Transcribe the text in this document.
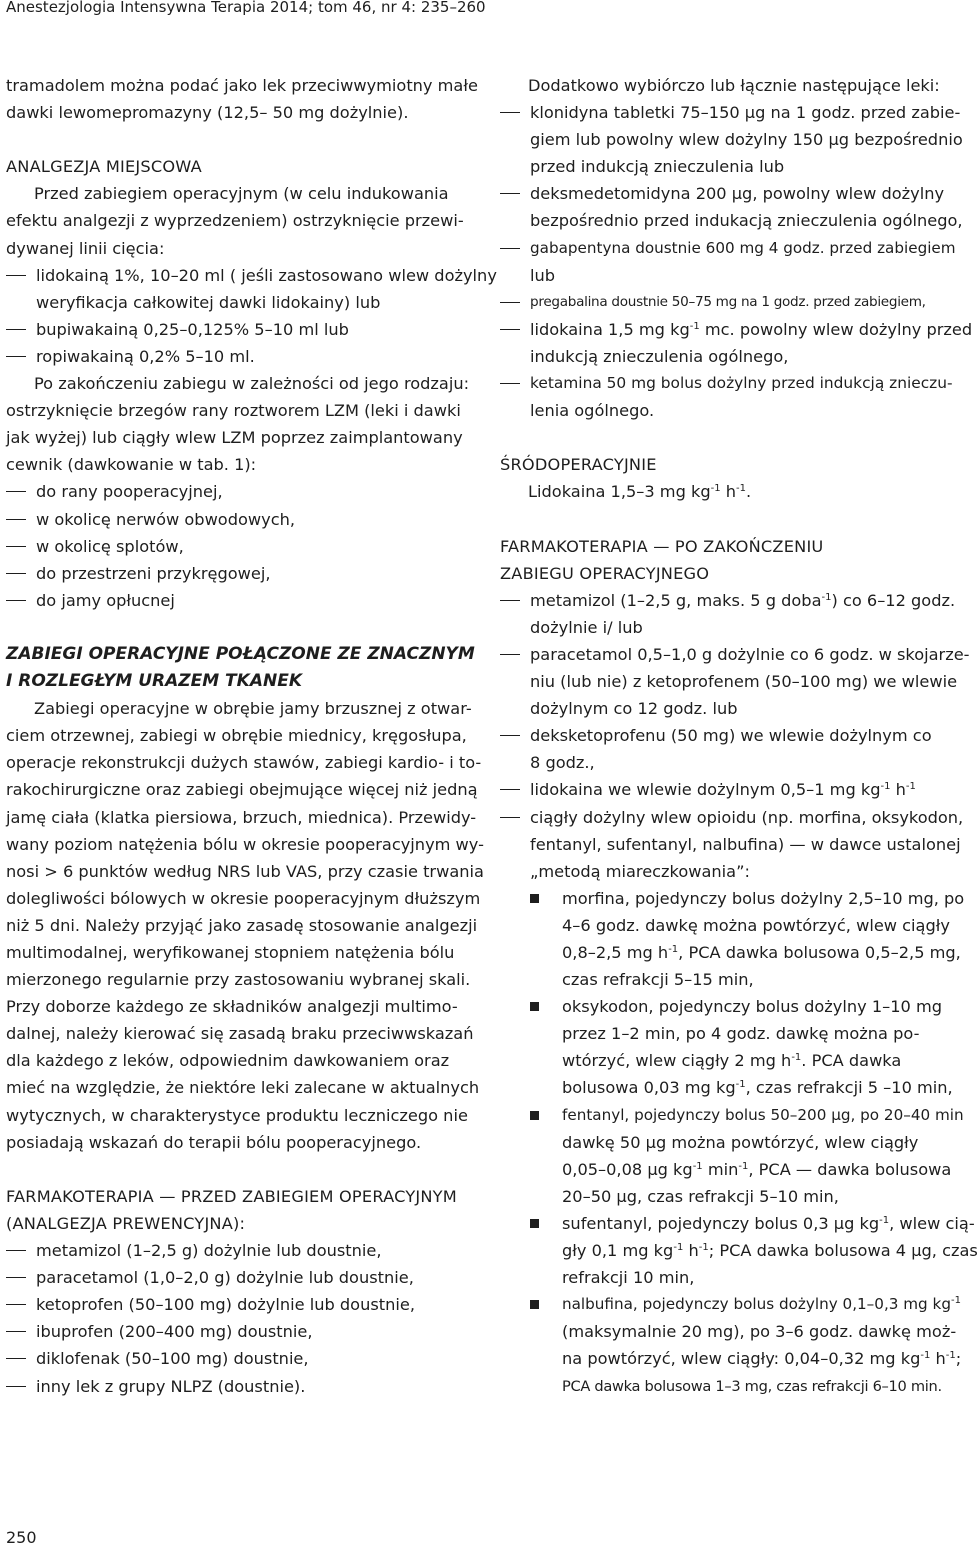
Anestezjologia Intensywna Terapia 2014; tom 46, nr 4: 235–260
tramadolem można podać jako lek przeciwwymiotny małe
dawki lewomepromazyny (12,5– 50 mg dożylnie).
ANALGEZJA MIEJSCOWA
Przed zabiegiem operacyjnym (w celu indukowania
efektu analgezji z wyprzedzeniem) ostrzyknięcie przewi-
dywanej linii cięcia:
lidokainą 1%, 10–20 ml ( jeśli zastosowano wlew dożylny
weryfikacja całkowitej dawki lidokainy) lub
bupiwakainą 0,25–0,125% 5–10 ml lub
ropiwakainą 0,2% 5–10 ml.
Po zakończeniu zabiegu w zależności od jego rodzaju:
ostrzyknięcie brzegów rany roztworem LZM (leki i dawki
jak wyżej) lub ciągły wlew LZM poprzez zaimplantowany
cewnik (dawkowanie w tab. 1):
do rany pooperacyjnej,
w okolicę nerwów obwodowych,
w okolicę splotów,
do przestrzeni przykręgowej,
do jamy opłucnej
ZABIEGI OPERACYJNE POŁĄCZONE ZE ZNACZNYM
I ROZLEGŁYM URAZEM TKANEK
Zabiegi operacyjne w obrębie jamy brzusznej z otwar-
ciem otrzewnej, zabiegi w obrębie miednicy, kręgosłupa,
operacje rekonstrukcji dużych stawów, zabiegi kardio- i to-
rakochirurgiczne oraz zabiegi obejmujące więcej niż jedną
jamę ciała (klatka piersiowa, brzuch, miednica). Przewidy-
wany poziom natężenia bólu w okresie pooperacyjnym wy-
nosi > 6 punktów według NRS lub VAS, przy czasie trwania
dolegliwości bólowych w okresie pooperacyjnym dłuższym
niż 5 dni. Należy przyjąć jako zasadę stosowanie analgezji
multimodalnej, weryfikowanej stopniem natężenia bólu
mierzonego regularnie przy zastosowaniu wybranej skali.
Przy doborze każdego ze składników analgezji multimo-
dalnej, należy kierować się zasadą braku przeciwwskazań
dla każdego z leków, odpowiednim dawkowaniem oraz
mieć na względzie, że niektóre leki zalecane w aktualnych
wytycznych, w charakterystyce produktu leczniczego nie
posiadają wskazań do terapii bólu pooperacyjnego.
FARMAKOTERAPIA — PRZED ZABIEGIEM OPERACYJNYM
(ANALGEZJA PREWENCYJNA):
metamizol (1–2,5 g) dożylnie lub doustnie,
paracetamol (1,0–2,0 g) dożylnie lub doustnie,
ketoprofen (50–100 mg) dożylnie lub doustnie,
ibuprofen (200–400 mg) doustnie,
diklofenak (50–100 mg) doustnie,
inny lek z grupy NLPZ (doustnie).
Dodatkowo wybiórczo lub łącznie następujące leki:
klonidyna tabletki 75–150 µg na 1 godz. przed zabie-
giem lub powolny wlew dożylny 150 µg bezpośrednio
przed indukcją znieczulenia lub
deksmedetomidyna 200 µg, powolny wlew dożylny
bezpośrednio przed indukacją znieczulenia ogólnego,
gabapentyna doustnie 600 mg 4 godz. przed zabiegiem
lub
pregabalina doustnie 50–75 mg na 1 godz. przed zabiegiem,
lidokaina 1,5 mg $kg^{-1}$ mc. powolny wlew dożylny przed
indukcją znieczulenia ogólnego,
ketamina 50 mg bolus dożylny przed indukcją znieczu-
lenia ogólnego.
ŚRÓDOPERACYJNIE
Lidokaina 1,5–3 mg $kg^{-1}$ $h^{-1}$.
FARMAKOTERAPIA — PO ZAKOŃCZENIU
ZABIEGU OPERACYJNEGO
metamizol (1–2,5 g, maks. 5 g doba$^{-1}$) co 6–12 godz.
dożylnie i/ lub
paracetamol 0,5–1,0 g dożylnie co 6 godz. w skojarze-
niu (lub nie) z ketoprofenem (50–100 mg) we wlewie
dożylnym co 12 godz. lub
deksketoprofenu (50 mg) we wlewie dożylnym co
8 godz.,
lidokaina we wlewie dożylnym 0,5–1 mg $kg^{-1}$ $h^{-1}$
ciągły dożylny wlew opioidu (np. morfina, oksykodon,
fentanyl, sufentanyl, nalbufina) — w dawce ustalonej
„metodą miareczkowania”:
morfina, pojedynczy bolus dożylny 2,5–10 mg, po
4–6 godz. dawkę można powtórzyć, wlew ciągły
0,8–2,5 mg $h^{-1}$, PCA dawka bolusowa 0,5–2,5 mg,
czas refrakcji 5–15 min,
oksykodon, pojedynczy bolus dożylny 1–10 mg
przez 1–2 min, po 4 godz. dawkę można po-
wtórzyć, wlew ciągły 2 mg $h^{-1}$. PCA dawka
bolusowa 0,03 mg $kg^{-1}$, czas refrakcji 5 –10 min,
fentanyl, pojedynczy bolus 50–200 µg, po 20–40 min
dawkę 50 µg można powtórzyć, wlew ciągły
0,05–0,08 µg $kg^{-1}$ $\min^{-1}$, PCA — dawka bolusowa
20–50 µg, czas refrakcji 5–10 min,
sufentanyl, pojedynczy bolus 0,3 µg $kg^{-1}$, wlew cią-
gły 0,1 mg $kg^{-1}$ $h^{-1}$; PCA dawka bolusowa 4 µg, czas
refrakcji 10 min,
nalbufina, pojedynczy bolus dożylny 0,1–0,3 mg $kg^{-1}$
(maksymalnie 20 mg), po 3–6 godz. dawkę moż-
na powtórzyć, wlew ciągły: 0,04–0,32 mg $kg^{-1}$ $h^{-1}$;
PCA dawka bolusowa 1–3 mg, czas refrakcji 6–10 min.
250
